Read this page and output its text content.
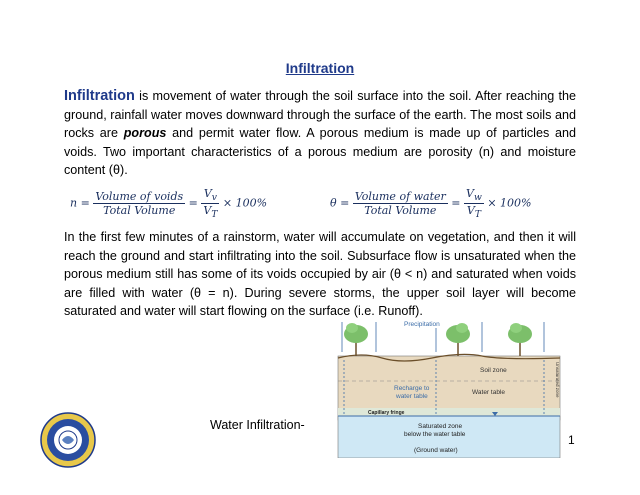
Infiltration
Infiltration is movement of water through the soil surface into the soil. After reaching the ground, rainfall water moves downward through the surface of the earth. The most soils and rocks are porous and permit water flow. A porous medium is made up of particles and voids. Two important characteristics of a porous medium are porosity (n) and moisture content (θ).
$n = \frac{\text{Volume of voids}}{\text{Total Volume}} = \frac{V_v}{V_T} \times 100\%$	$\theta = \frac{\text{Volume of water}}{\text{Total Volume}} = \frac{V_w}{V_T} \times 100\%$
In the first few minutes of a rainstorm, water will accumulate on vegetation, and then it will reach the ground and start infiltrating into the soil. Subsurface flow is unsaturated when the porous medium still has some of its voids occupied by air (θ < n) and saturated when voids are filled with water (θ = n). During severe storms, the upper soil layer will become saturated and water will start flowing on the surface (i.e. Runoff).
Precipitation
Soil zone	Unsaturated zone
Recharge to
water table
Water table
Capillary fringe
Saturated zone
below the water table
(Ground water)
Water Infiltration-
1
